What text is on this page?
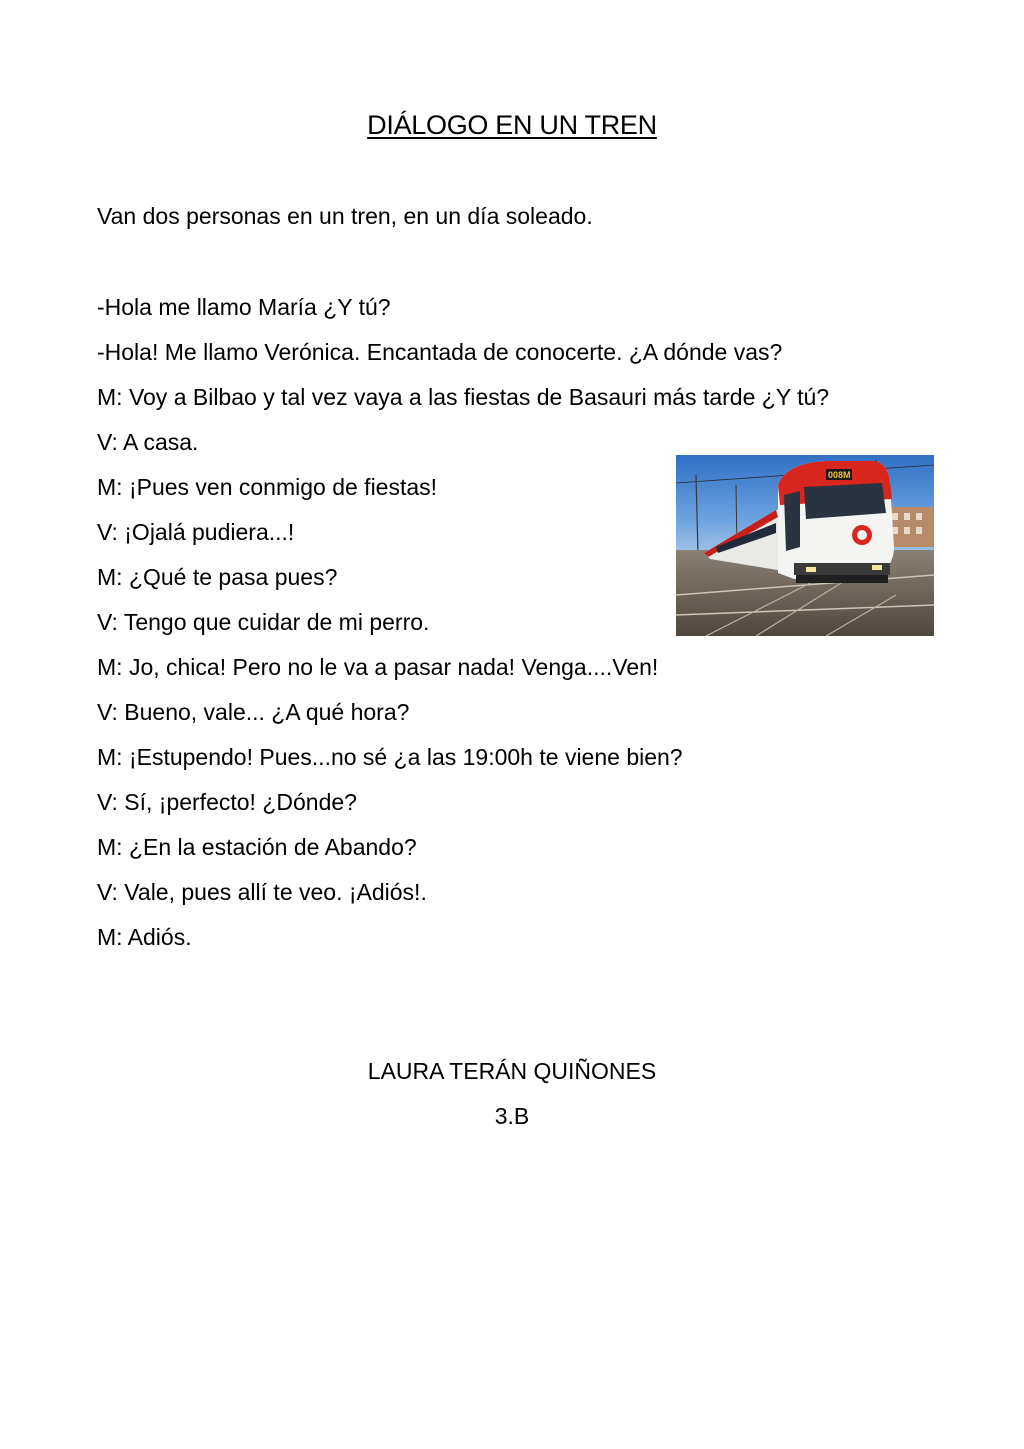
DIÁLOGO EN UN TREN
Van dos personas en un tren, en un día soleado.
-Hola me llamo María ¿Y tú?
-Hola! Me llamo Verónica. Encantada de conocerte. ¿A dónde vas?
M: Voy a Bilbao y tal vez vaya a las fiestas de Basauri más tarde ¿Y tú?
V: A casa.
M: ¡Pues ven conmigo de fiestas!
V: ¡Ojalá pudiera...!
M: ¿Qué te pasa pues?
V: Tengo que cuidar de mi perro.
M: Jo, chica! Pero no le va a pasar nada! Venga....Ven!
V: Bueno, vale... ¿A qué hora?
M: ¡Estupendo! Pues...no sé ¿a las 19:00h te viene bien?
V: Sí, ¡perfecto! ¿Dónde?
M: ¿En la estación de Abando?
V: Vale, pues allí te veo. ¡Adiós!.
M: Adiós.
008M
LAURA TERÁN QUIÑONES
3.B
